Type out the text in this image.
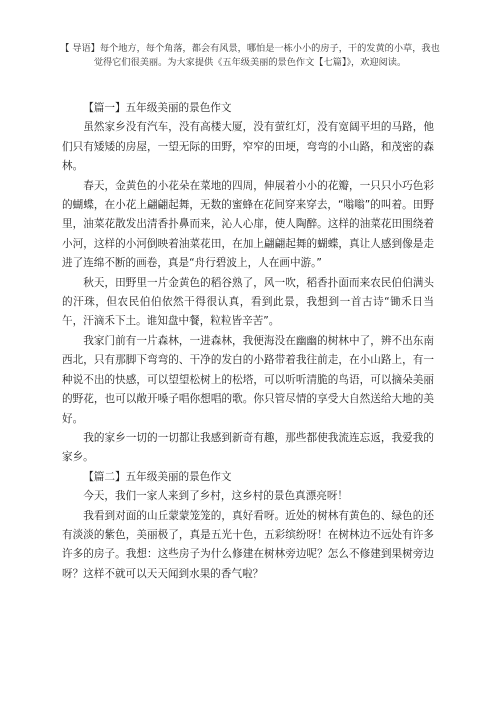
【 导语】每个地方，每个角落，都会有风景，哪怕是一栋小小的房子，干的发黄的小草，我也觉得它们很美丽。为大家提供《五年级美丽的景色作文【七篇】》，欢迎阅读。

【篇一】五年级美丽的景色作文

虽然家乡没有汽车，没有高楼大厦，没有萤红灯，没有宽阔平坦的马路，他们只有矮矮的房屋，一望无际的田野，窄窄的田埂，弯弯的小山路，和茂密的森林。

春天，金黄色的小花朵在菜地的四周，伸展着小小的花瓣，一只只小巧色彩的蝴蝶，在小花上翩翩起舞，无数的蜜蜂在花间穿来穿去，“嗡嗡”的叫着。田野里，油菜花散发出清香扑鼻而来，沁人心扉，使人陶醉。这样的油菜花田围绕着小河，这样的小河倒映着油菜花田，在加上翩翩起舞的蝴蝶，真让人感到像是走进了连绵不断的画卷，真是“舟行碧波上，人在画中游。”

秋天，田野里一片金黄色的稻谷熟了，风一吹，稻香扑面而来农民伯伯满头的汗珠，但农民伯伯依然干得很认真，看到此景，我想到一首古诗“锄禾日当午，汗滴禾下土。谁知盘中餐，粒粒皆辛苦”。

我家门前有一片森林，一进森林，我便海没在幽幽的树林中了，辨不出东南西北，只有那脚下弯弯的、干净的发白的小路带着我往前走，在小山路上，有一种说不出的快感，可以望望松树上的松塔，可以听听清脆的鸟语，可以摘朵美丽的野花，也可以敞开嗓子唱你想唱的歌。你只管尽情的享受大自然送给大地的美好。

我的家乡一切的一切都让我感到新奇有趣，那些都使我流连忘返，我爱我的家乡。

【篇二】五年级美丽的景色作文

今天，我们一家人来到了乡村，这乡村的景色真漂亮呀！

我看到对面的山丘蒙蒙笼笼的，真好看呀。近处的树林有黄色的、绿色的还有淡淡的紫色，美丽极了，真是五光十色，五彩缤纷呀！在树林边不远处有许多许多的房子。我想：这些房子为什么修建在树林旁边呢？怎么不修建到果树旁边呀？这样不就可以天天闻到水果的香气啦？
